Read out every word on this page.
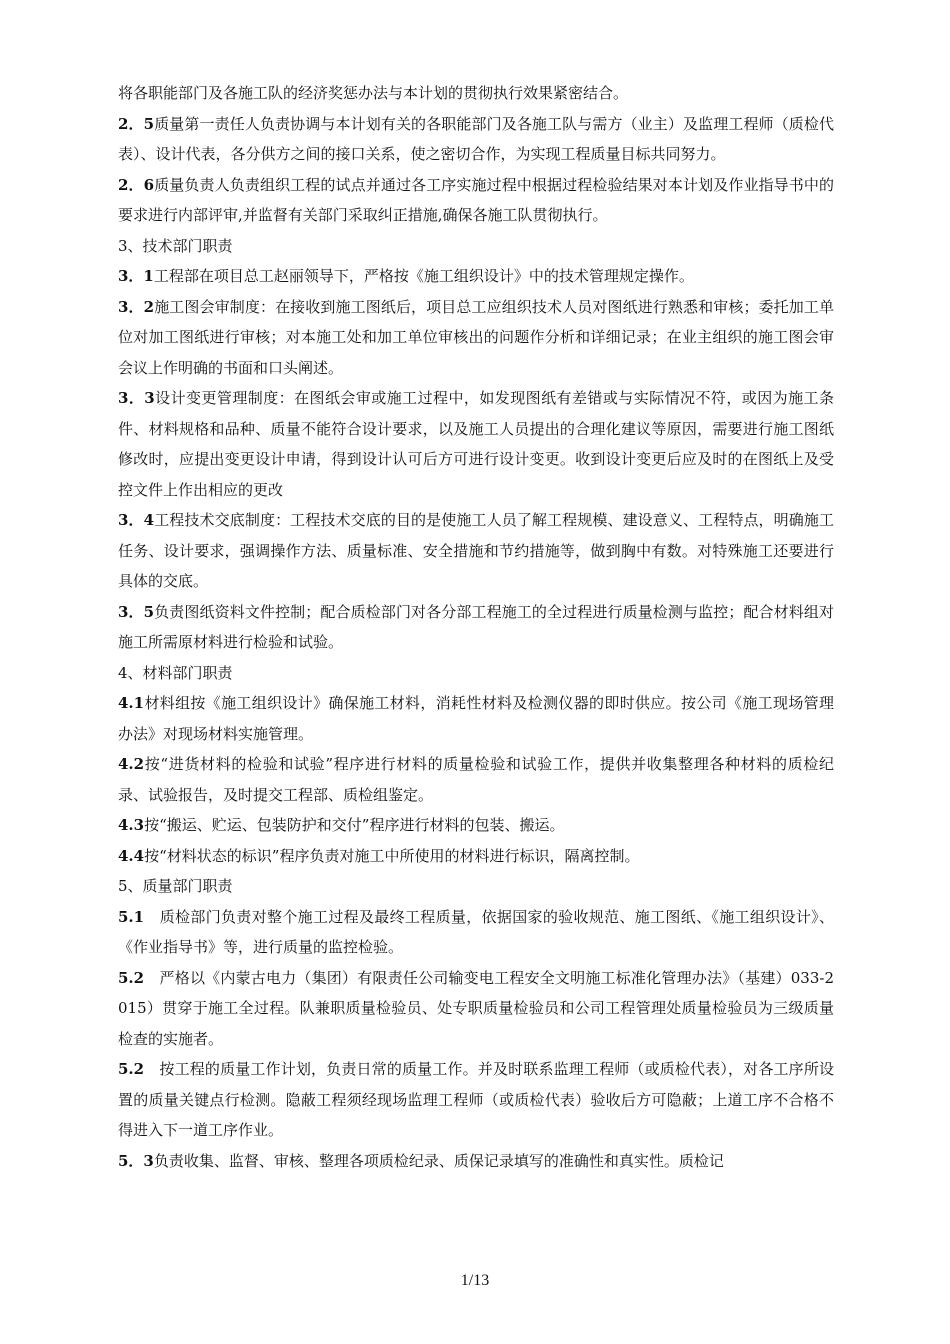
将各职能部门及各施工队的经济奖惩办法与本计划的贯彻执行效果紧密结合。

2．5质量第一责任人负责协调与本计划有关的各职能部门及各施工队与需方（业主）及监理工程师（质检代表）、设计代表，各分供方之间的接口关系，使之密切合作，为实现工程质量目标共同努力。

2．6质量负责人负责组织工程的试点并通过各工序实施过程中根据过程检验结果对本计划及作业指导书中的要求进行内部评审,并监督有关部门采取纠正措施,确保各施工队贯彻执行。

3、技术部门职责

3．1工程部在项目总工赵丽领导下，严格按《施工组织设计》中的技术管理规定操作。

3．2施工图会审制度：在接收到施工图纸后，项目总工应组织技术人员对图纸进行熟悉和审核；委托加工单位对加工图纸进行审核；对本施工处和加工单位审核出的问题作分析和详细记录；在业主组织的施工图会审会议上作明确的书面和口头阐述。

3．3设计变更管理制度：在图纸会审或施工过程中，如发现图纸有差错或与实际情况不符，或因为施工条件、材料规格和品种、质量不能符合设计要求，以及施工人员提出的合理化建议等原因，需要进行施工图纸修改时，应提出变更设计申请，得到设计认可后方可进行设计变更。收到设计变更后应及时的在图纸上及受控文件上作出相应的更改

3．4工程技术交底制度：工程技术交底的目的是使施工人员了解工程规模、建设意义、工程特点，明确施工任务、设计要求，强调操作方法、质量标准、安全措施和节约措施等，做到胸中有数。对特殊施工还要进行具体的交底。

3．5负责图纸资料文件控制；配合质检部门对各分部工程施工的全过程进行质量检测与监控；配合材料组对施工所需原材料进行检验和试验。

4、材料部门职责

4.1材料组按《施工组织设计》确保施工材料，消耗性材料及检测仪器的即时供应。按公司《施工现场管理办法》对现场材料实施管理。

4.2按“进货材料的检验和试验”程序进行材料的质量检验和试验工作，提供并收集整理各种材料的质检纪录、试验报告，及时提交工程部、质检组鉴定。

4.3按“搬运、贮运、包装防护和交付”程序进行材料的包装、搬运。

4.4按“材料状态的标识”程序负责对施工中所使用的材料进行标识，隔离控制。

5、质量部门职责

5.1　质检部门负责对整个施工过程及最终工程质量，依据国家的验收规范、施工图纸、《施工组织设计》、《作业指导书》等，进行质量的监控检验。

5.2　严格以《内蒙古电力（集团）有限责任公司输变电工程安全文明施工标准化管理办法》（基建）033-2015）贯穿于施工全过程。队兼职质量检验员、处专职质量检验员和公司工程管理处质量检验员为三级质量检查的实施者。

5.2　按工程的质量工作计划，负责日常的质量工作。并及时联系监理工程师（或质检代表），对各工序所设置的质量关键点行检测。隐蔽工程须经现场监理工程师（或质检代表）验收后方可隐蔽；上道工序不合格不得进入下一道工序作业。

5．3负责收集、监督、审核、整理各项质检纪录、质保记录填写的准确性和真实性。质检记

1/13
